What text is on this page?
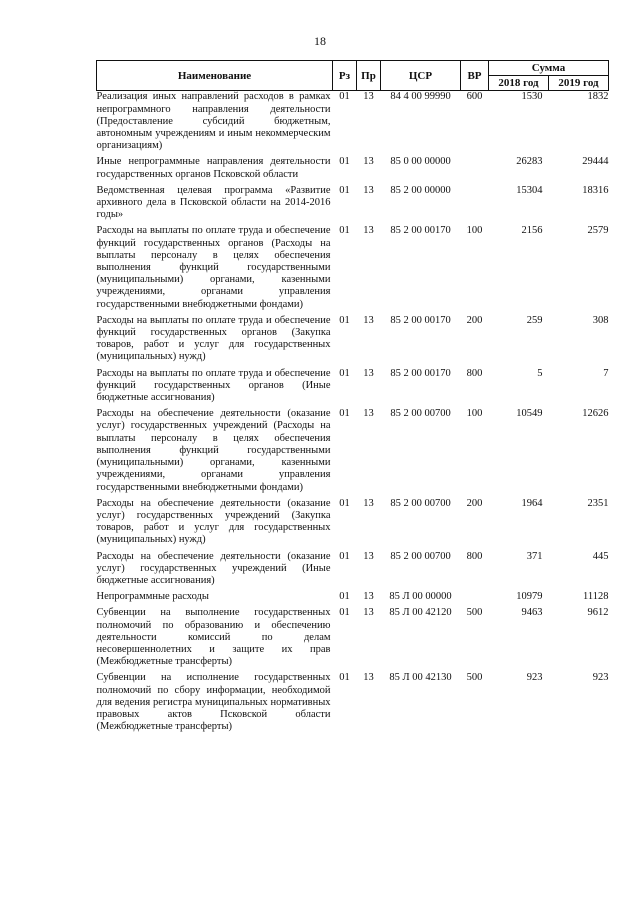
18
Наименование	Рз	Пр	ЦСР	ВР	Сумма	
					2018 год	2019 год
Реализация иных направлений расходов в рамках непрограммного направления деятельности (Предоставление субсидий бюджетным, автономным учреждениям и иным некоммерческим организациям)	01	13	84 4 00 99990	600	1530	1832
Иные непрограммные направления деятельности государственных органов Псковской области	01	13	85 0 00 00000		26283	29444
Ведомственная целевая программа «Развитие архивного дела в Псковской области на 2014-2016 годы»	01	13	85 2 00 00000		15304	18316
Расходы на выплаты по оплате труда и обеспечение функций государственных органов (Расходы на выплаты персоналу в целях обеспечения выполнения функций государственными (муниципальными) органами, казенными учреждениями, органами управления государственными внебюджетными фондами)	01	13	85 2 00 00170	100	2156	2579
Расходы на выплаты по оплате труда и обеспечение функций государственных органов (Закупка товаров, работ и услуг для государственных (муниципальных) нужд)	01	13	85 2 00 00170	200	259	308
Расходы на выплаты по оплате труда и обеспечение функций государственных органов (Иные бюджетные ассигнования)	01	13	85 2 00 00170	800	5	7
Расходы на обеспечение деятельности (оказание услуг) государственных учреждений (Расходы на выплаты персоналу в целях обеспечения выполнения функций государственными (муниципальными) органами, казенными учреждениями, органами управления государственными внебюджетными фондами)	01	13	85 2 00 00700	100	10549	12626
Расходы на обеспечение деятельности (оказание услуг) государственных учреждений (Закупка товаров, работ и услуг для государственных (муниципальных) нужд)	01	13	85 2 00 00700	200	1964	2351
Расходы на обеспечение деятельности (оказание услуг) государственных учреждений (Иные бюджетные ассигнования)	01	13	85 2 00 00700	800	371	445
Непрограммные расходы	01	13	85 Л 00 00000		10979	11128
Субвенции на выполнение государственных полномочий по образованию и обеспечению деятельности комиссий по делам несовершеннолетних и защите их прав (Межбюджетные трансферты)	01	13	85 Л 00 42120	500	9463	9612
Субвенции на исполнение государственных полномочий по сбору информации, необходимой для ведения регистра муниципальных нормативных правовых актов Псковской области (Межбюджетные трансферты)	01	13	85 Л 00 42130	500	923	923
